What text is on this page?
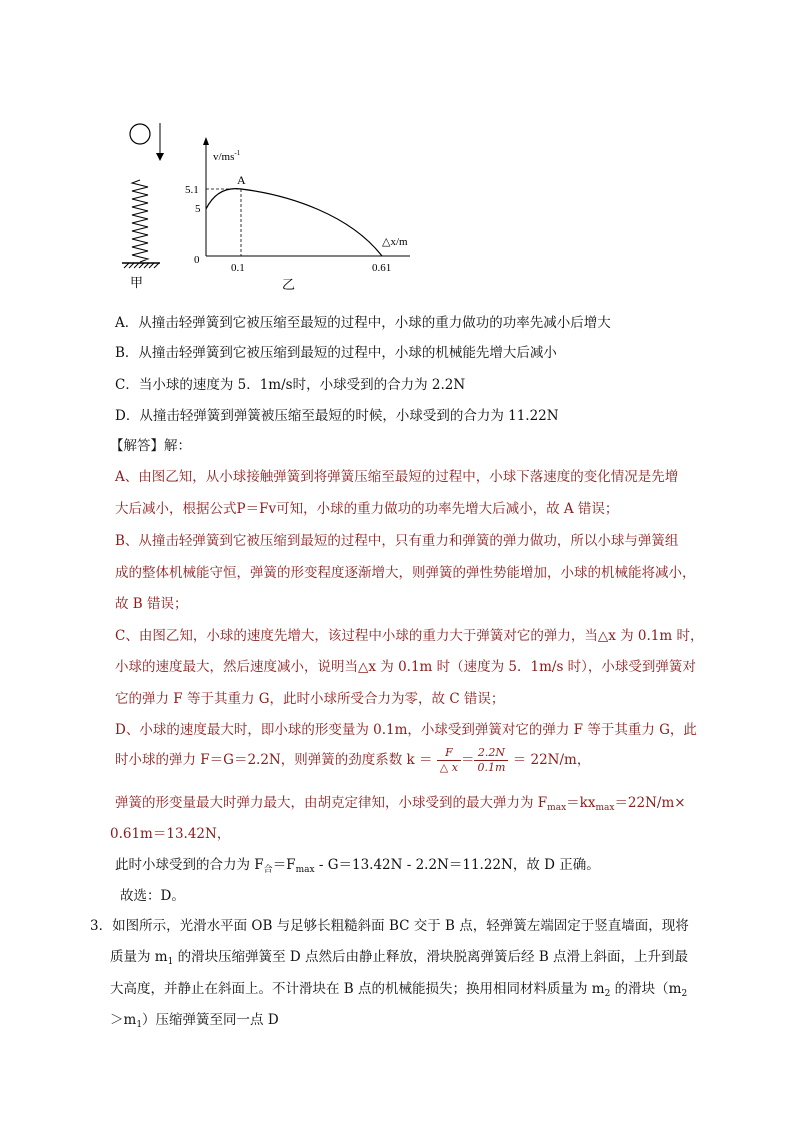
甲
$v/ms^{-1}$
△x/m
0
5.1
5
0.1	0.61
A
乙
A．从撞击轻弹簧到它被压缩至最短的过程中，小球的重力做功的功率先减小后增大
B．从撞击轻弹簧到它被压缩到最短的过程中，小球的机械能先增大后减小
C．当小球的速度为 5．1m/s时，小球受到的合力为 2.2N
D．从撞击轻弹簧到弹簧被压缩至最短的时候，小球受到的合力为 11.22N
【解答】解：
A、由图乙知，从小球接触弹簧到将弹簧压缩至最短的过程中，小球下落速度的变化情况是先增
大后减小，根据公式P＝Fv可知，小球的重力做功的功率先增大后减小，故 A 错误；
B、从撞击轻弹簧到它被压缩到最短的过程中，只有重力和弹簧的弹力做功，所以小球与弹簧组
成的整体机械能守恒，弹簧的形变程度逐渐增大，则弹簧的弹性势能增加，小球的机械能将减小，
故 B 错误；
C、由图乙知，小球的速度先增大，该过程中小球的重力大于弹簧对它的弹力，当△x 为 0.1m 时，
小球的速度最大，然后速度减小，说明当△x 为 0.1m 时（速度为 5．1m/s 时），小球受到弹簧对
它的弹力 F 等于其重力 G，此时小球所受合力为零，故 C 错误；
D、小球的速度最大时，即小球的形变量为 0.1m，小球受到弹簧对它的弹力 F 等于其重力 G，此
时小球的弹力 F＝G＝2.2N，则弹簧的劲度系数 $k = \frac{F}{\triangle x} = \frac{2.2N}{0.1m} = 22N/m$，
弹簧的形变量最大时弹力最大，由胡克定律知，小球受到的最大弹力为 $F_{max}=kx_{max}=22N/m\times$
0.61m＝13.42N，
此时小球受到的合力为 $F_合=F_{max} - G=13.42N - 2.2N=11.22N$，故 D 正确。
故选：D。
3．如图所示，光滑水平面 OB 与足够长粗糙斜面 BC 交于 B 点，轻弹簧左端固定于竖直墙面，现将
质量为 $m_1$ 的滑块压缩弹簧至 D 点然后由静止释放，滑块脱离弹簧后经 B 点滑上斜面，上升到最
大高度，并静止在斜面上。不计滑块在 B 点的机械能损失；换用相同材料质量为 $m_2$ 的滑块（$m_2$
$>m_1$）压缩弹簧至同一点 D
